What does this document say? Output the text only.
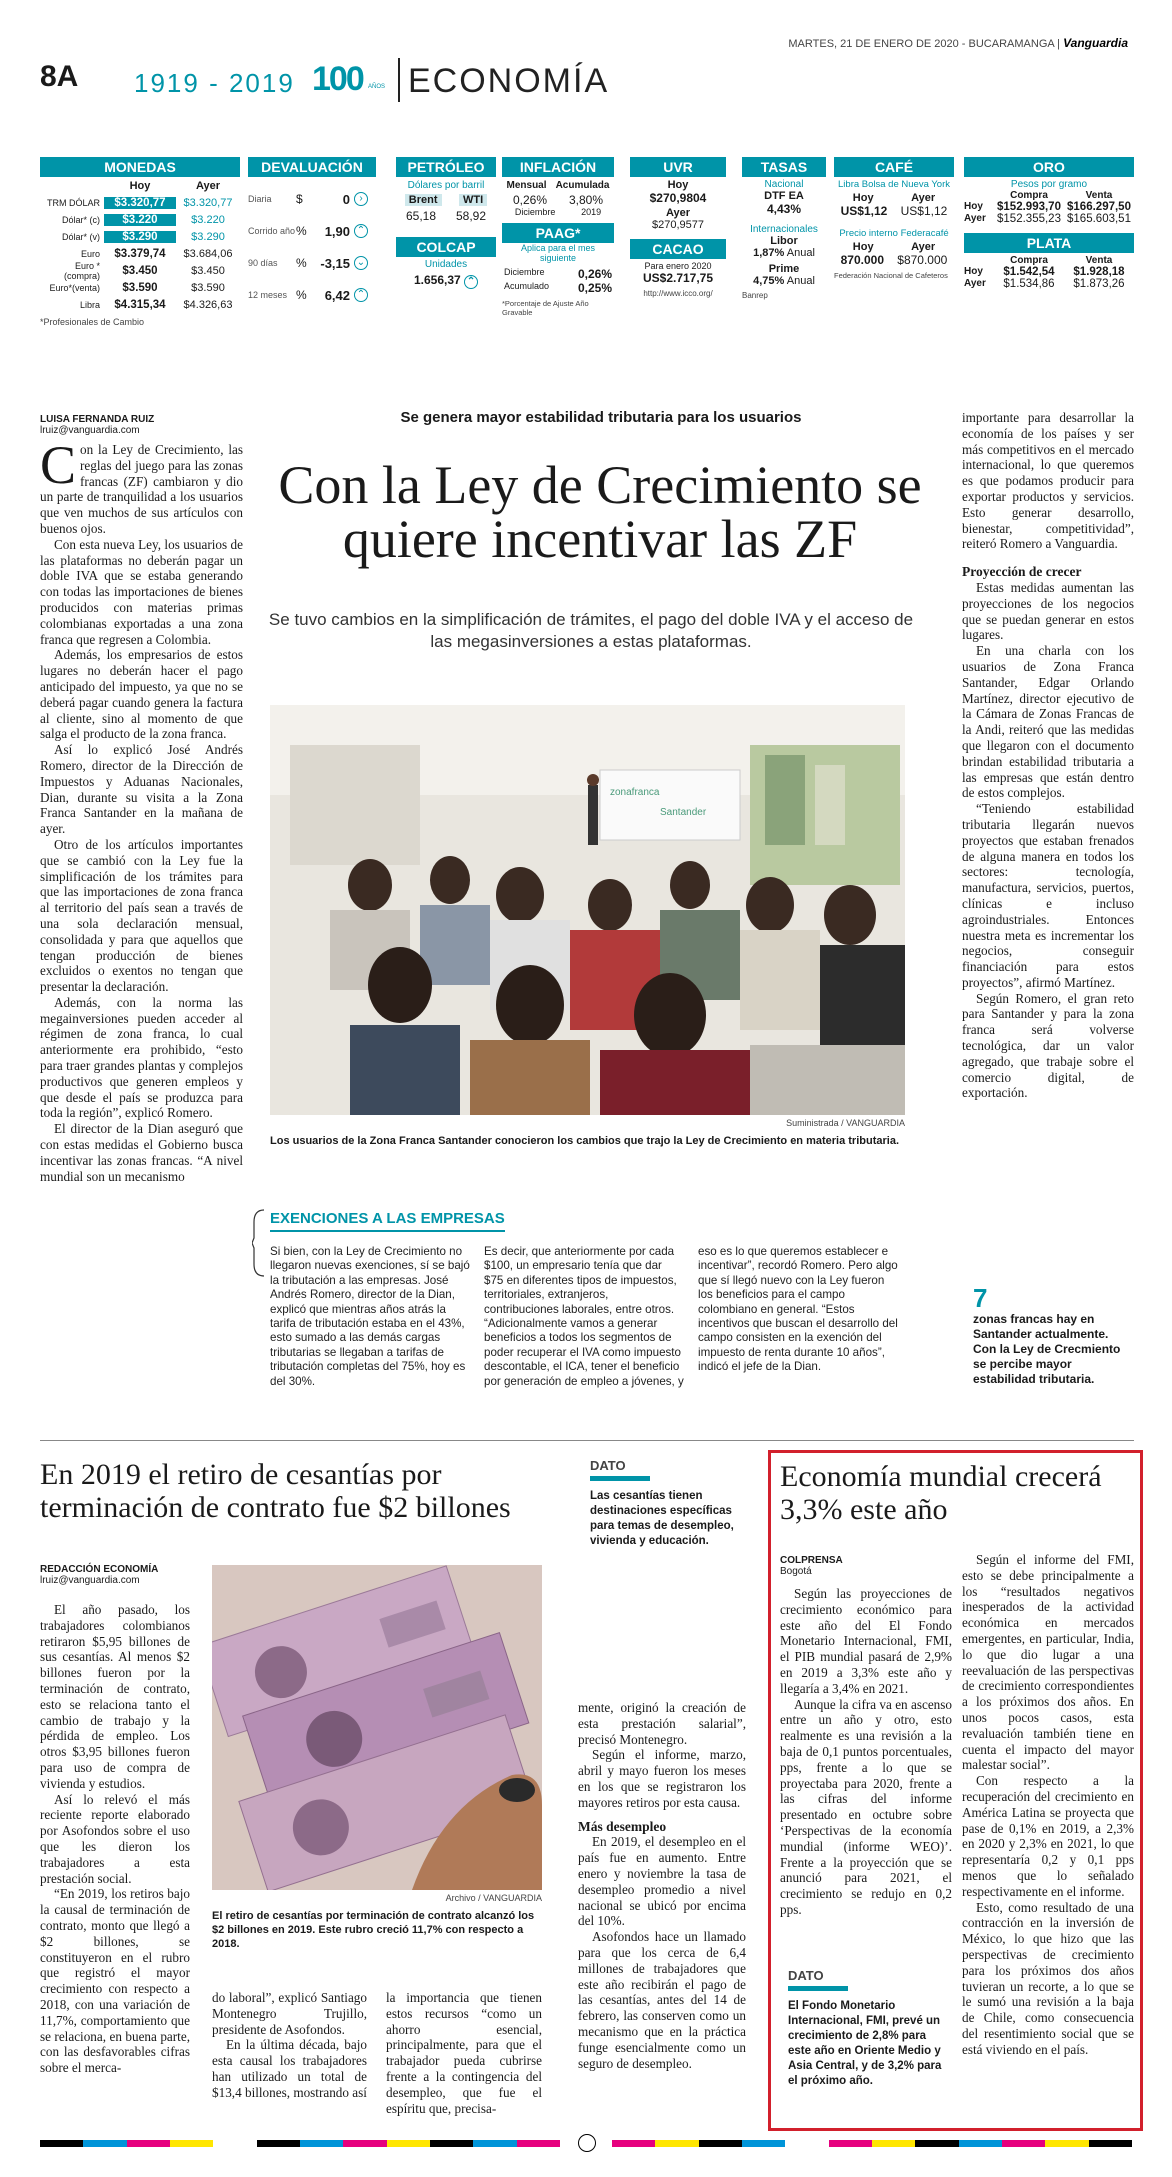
MARTES, 21 DE ENERO DE 2020 - BUCARAMANGA | Vanguardia
8A 1919 - 2019 100 AÑOS ECONOMÍA
MONEDAS
Hoy	Ayer
TRM DÓLAR	$3.320,77	$3.320,77
Dólar* (c)	$3.220	$3.220
Dólar* (v)	$3.290	$3.290
Euro	$3.379,74	$3.684,06
Euro *(compra)	$3.450	$3.450
Euro*(venta)	$3.590	$3.590
Libra	$4.315,34	$4.326,63
*Profesionales de Cambio
DEVALUACIÓN
Diaria	$	0 ›
Corrido año %	1,90 ⌃
90 días	%	-3,15 ⌄
12 meses %	6,42 ⌃
PETRÓLEO
Dólares por barril
Brent	WTI
65,18 58,92
COLCAP
Unidades
1.656,37 ⌃
INFLACIÓN
Mensual Acumulada
0,26% 3,80%
Diciembre	2019
PAAG*
Aplica para el mes siguiente
Diciembre	0,26%
Acumulado 0,25%
*Porcentaje de Ajuste Año Gravable
UVR
Hoy
$270,9804
Ayer
$270,9577
CACAO
Para enero 2020
US$2.717,75
http://www.icco.org/
TASAS
Nacional
DTF EA
4,43%
Internacionales
Libor
1,87% Anual
Prime
4,75% Anual
Banrep
CAFÉ
Libra Bolsa de Nueva York
Hoy	Ayer
US$1,12 US$1,12
Precio interno Federacafé
Hoy	Ayer
870.000 $870.000
Federación Nacional de Cafeteros
ORO
Pesos por gramo
Compra	Venta
Hoy	$152.993,70 $166.297,50
Ayer $152.355,23 $165.603,51
PLATA
Compra	Venta
Hoy	$1.542,54	$1.928,18
Ayer	$1.534,86	$1.873,26
LUISA FERNANDA RUIZ
lruiz@vanguardia.com

Con la Ley de Crecimiento, las reglas del juego para las zonas francas (ZF) cambiaron y dio un parte de tranquilidad a los usuarios que ven muchos de sus artículos con buenos ojos.

Con esta nueva Ley, los usuarios de las plataformas no deberán pagar un doble IVA que se estaba generando con todas las importaciones de bienes producidos con materias primas colombianas exportadas a una zona franca que regresen a Colombia.

Además, los empresarios de estos lugares no deberán hacer el pago anticipado del impuesto, ya que no se deberá pagar cuando genera la factura al cliente, sino al momento de que salga el producto de la zona franca.

Así lo explicó José Andrés Romero, director de la Dirección de Impuestos y Aduanas Nacionales, Dian, durante su visita a la Zona Franca Santander en la mañana de ayer.

Otro de los artículos importantes que se cambió con la Ley fue la simplificación de los trámites para que las importaciones de zona franca al territorio del país sean a través de una sola declaración mensual, consolidada y para que aquellos que tengan producción de bienes excluidos o exentos no tengan que presentar la declaración.

Además, con la norma las megainversiones pueden acceder al régimen de zona franca, lo cual anteriormente era prohibido, “esto para traer grandes plantas y complejos productivos que generen empleos y que desde el país se produzca para toda la región”, explicó Romero.

El director de la Dian aseguró que con estas medidas el Gobierno busca incentivar las zonas francas. “A nivel mundial son un mecanismo

Se genera mayor estabilidad tributaria para los usuarios
Con la Ley de Crecimiento se quiere incentivar las ZF
Se tuvo cambios en la simplificación de trámites, el pago del doble IVA y el acceso de las megasinversiones a estas plataformas.
zonafranca
Santander
Suministrada / VANGUARDIA
Los usuarios de la Zona Franca Santander conocieron los cambios que trajo la Ley de Crecimiento en materia tributaria.

importante para desarrollar la economía de los países y ser más competitivos en el mercado internacional, lo que queremos es que podamos producir para exportar productos y servicios. Esto generar desarrollo, bienestar, competitividad”, reiteró Romero a Vanguardia.

Proyección de crecer

Estas medidas aumentan las proyecciones de los negocios que se puedan generar en estos lugares.

En una charla con los usuarios de Zona Franca Santander, Edgar Orlando Martínez, director ejecutivo de la Cámara de Zonas Francas de la Andi, reiteró que las medidas que llegaron con el documento brindan estabilidad tributaria a las empresas que están dentro de estos complejos.

“Teniendo estabilidad tributaria llegarán nuevos proyectos que estaban frenados de alguna manera en todos los sectores: tecnología, manufactura, servicios, puertos, clínicas e incluso agroindustriales. Entonces nuestra meta es incrementar los negocios, conseguir financiación para estos proyectos”, afirmó Martínez.

Según Romero, el gran reto para Santander y para la zona franca será volverse tecnológica, dar un valor agregado, que trabaje sobre el comercio digital, de exportación.

EXENCIONES A LAS EMPRESAS
Si bien, con la Ley de Crecimiento no llegaron nuevas exenciones, sí se bajó la tributación a las empresas. José Andrés Romero, director de la Dian, explicó que mientras años atrás la tarifa de tributación estaba en el 43%, esto sumado a las demás cargas tributarias se llegaban a tarifas de tributación completas del 75%, hoy es del 30%.
Es decir, que anteriormente por cada $100, un empresario tenía que dar $75 en diferentes tipos de impuestos, territoriales, extranjeros, contribuciones laborales, entre otros. “Adicionalmente vamos a generar beneficios a todos los segmentos de poder recuperar el IVA como impuesto descontable, el ICA, tener el beneficio por generación de empleo a jóvenes, y
eso es lo que queremos establecer e incentivar”, recordó Romero. Pero algo que sí llegó nuevo con la Ley fueron los beneficios para el campo colombiano en general. “Estos incentivos que buscan el desarrollo del campo consisten en la exención del impuesto de renta durante 10 años”, indicó el jefe de la Dian.
7
zonas francas hay en Santander actualmente. Con la Ley de Crecmiento se percibe mayor estabilidad tributaria.
En 2019 el retiro de cesantías por terminación de contrato fue $2 billones
REDACCIÓN ECONOMÍA
lruiz@vanguardia.com

El año pasado, los trabajadores colombianos retiraron $5,95 billones de sus cesantías. Al menos $2 billones fueron por la terminación de contrato, esto se relaciona tanto el cambio de trabajo y la pérdida de empleo. Los otros $3,95 billones fueron para uso de compra de vivienda y estudios.

Así lo relevó el más reciente reporte elaborado por Asofondos sobre el uso que les dieron los trabajadores a esta prestación social.

“En 2019, los retiros bajo la causal de terminación de contrato, monto que llegó a $2 billones, se constituyeron en el rubro que registró el mayor crecimiento con respecto a 2018, con una variación de 11,7%, comportamiento que se relaciona, en buena parte, con las desfavorables cifras sobre el merca-

Archivo / VANGUARDIA
El retiro de cesantías por terminación de contrato alcanzó los $2 billones en 2019. Este rubro creció 11,7% con respecto a 2018.

do laboral”, explicó Santiago Montenegro Trujillo, presidente de Asofondos.

En la última década, bajo esta causal los trabajadores han utilizado un total de $13,4 billones, mostrando así

la importancia que tienen estos recursos “como un ahorro esencial, principalmente, para que el trabajador pueda cubrirse frente a la contingencia del desempleo, que fue el espíritu que, precisa-

DATO
Las cesantías tienen destinaciones específicas para temas de desempleo, vivienda y educación.

mente, originó la creación de esta prestación salarial”, precisó Montenegro.

Según el informe, marzo, abril y mayo fueron los meses en los que se registraron los mayores retiros por esta causa.

Más desempleo

En 2019, el desempleo en el país fue en aumento. Entre enero y noviembre la tasa de desempleo promedio a nivel nacional se ubicó por encima del 10%.

Asofondos hace un llamado para que los cerca de 6,4 millones de trabajadores que este año recibirán el pago de las cesantías, antes del 14 de febrero, las conserven como un mecanismo que en la práctica funge esencialmente como un seguro de desempleo.

Economía mundial crecerá 3,3% este año
COLPRENSA
Bogotá

Según las proyecciones de crecimiento económico para este año del El Fondo Monetario Internacional, FMI, el PIB mundial pasará de 2,9% en 2019 a 3,3% este año y llegaría a 3,4% en 2021.

Aunque la cifra va en ascenso entre un año y otro, esto realmente es una revisión a la baja de 0,1 puntos porcentuales, pps, frente a lo que se proyectaba para 2020, frente a las cifras del informe presentado en octubre sobre ‘Perspectivas de la economía mundial (informe WEO)’. Frente a la proyección que se anunció para 2021, el crecimiento se redujo en 0,2 pps.

Según el informe del FMI, esto se debe principalmente a los “resultados negativos inesperados de la actividad económica en mercados emergentes, en particular, India, lo que dio lugar a una reevaluación de las perspectivas de crecimiento correspondientes a los próximos dos años. En unos pocos casos, esta revaluación también tiene en cuenta el impacto del mayor malestar social”.

Con respecto a la recuperación del crecimiento en América Latina se proyecta que pase de 0,1% en 2019, a 2,3% en 2020 y 2,3% en 2021, lo que representaría 0,2 y 0,1 pps menos que lo señalado respectivamente en el informe.

Esto, como resultado de una contracción en la inversión de México, lo que hizo que las perspectivas de crecimiento para los próximos dos años tuvieran un recorte, a lo que se le sumó una revisión a la baja de Chile, como consecuencia del resentimiento social que se está viviendo en el país.

DATO
El Fondo Monetario Internacional, FMI, prevé un crecimiento de 2,8% para este año en Oriente Medio y Asia Central, y de 3,2% para el próximo año.
